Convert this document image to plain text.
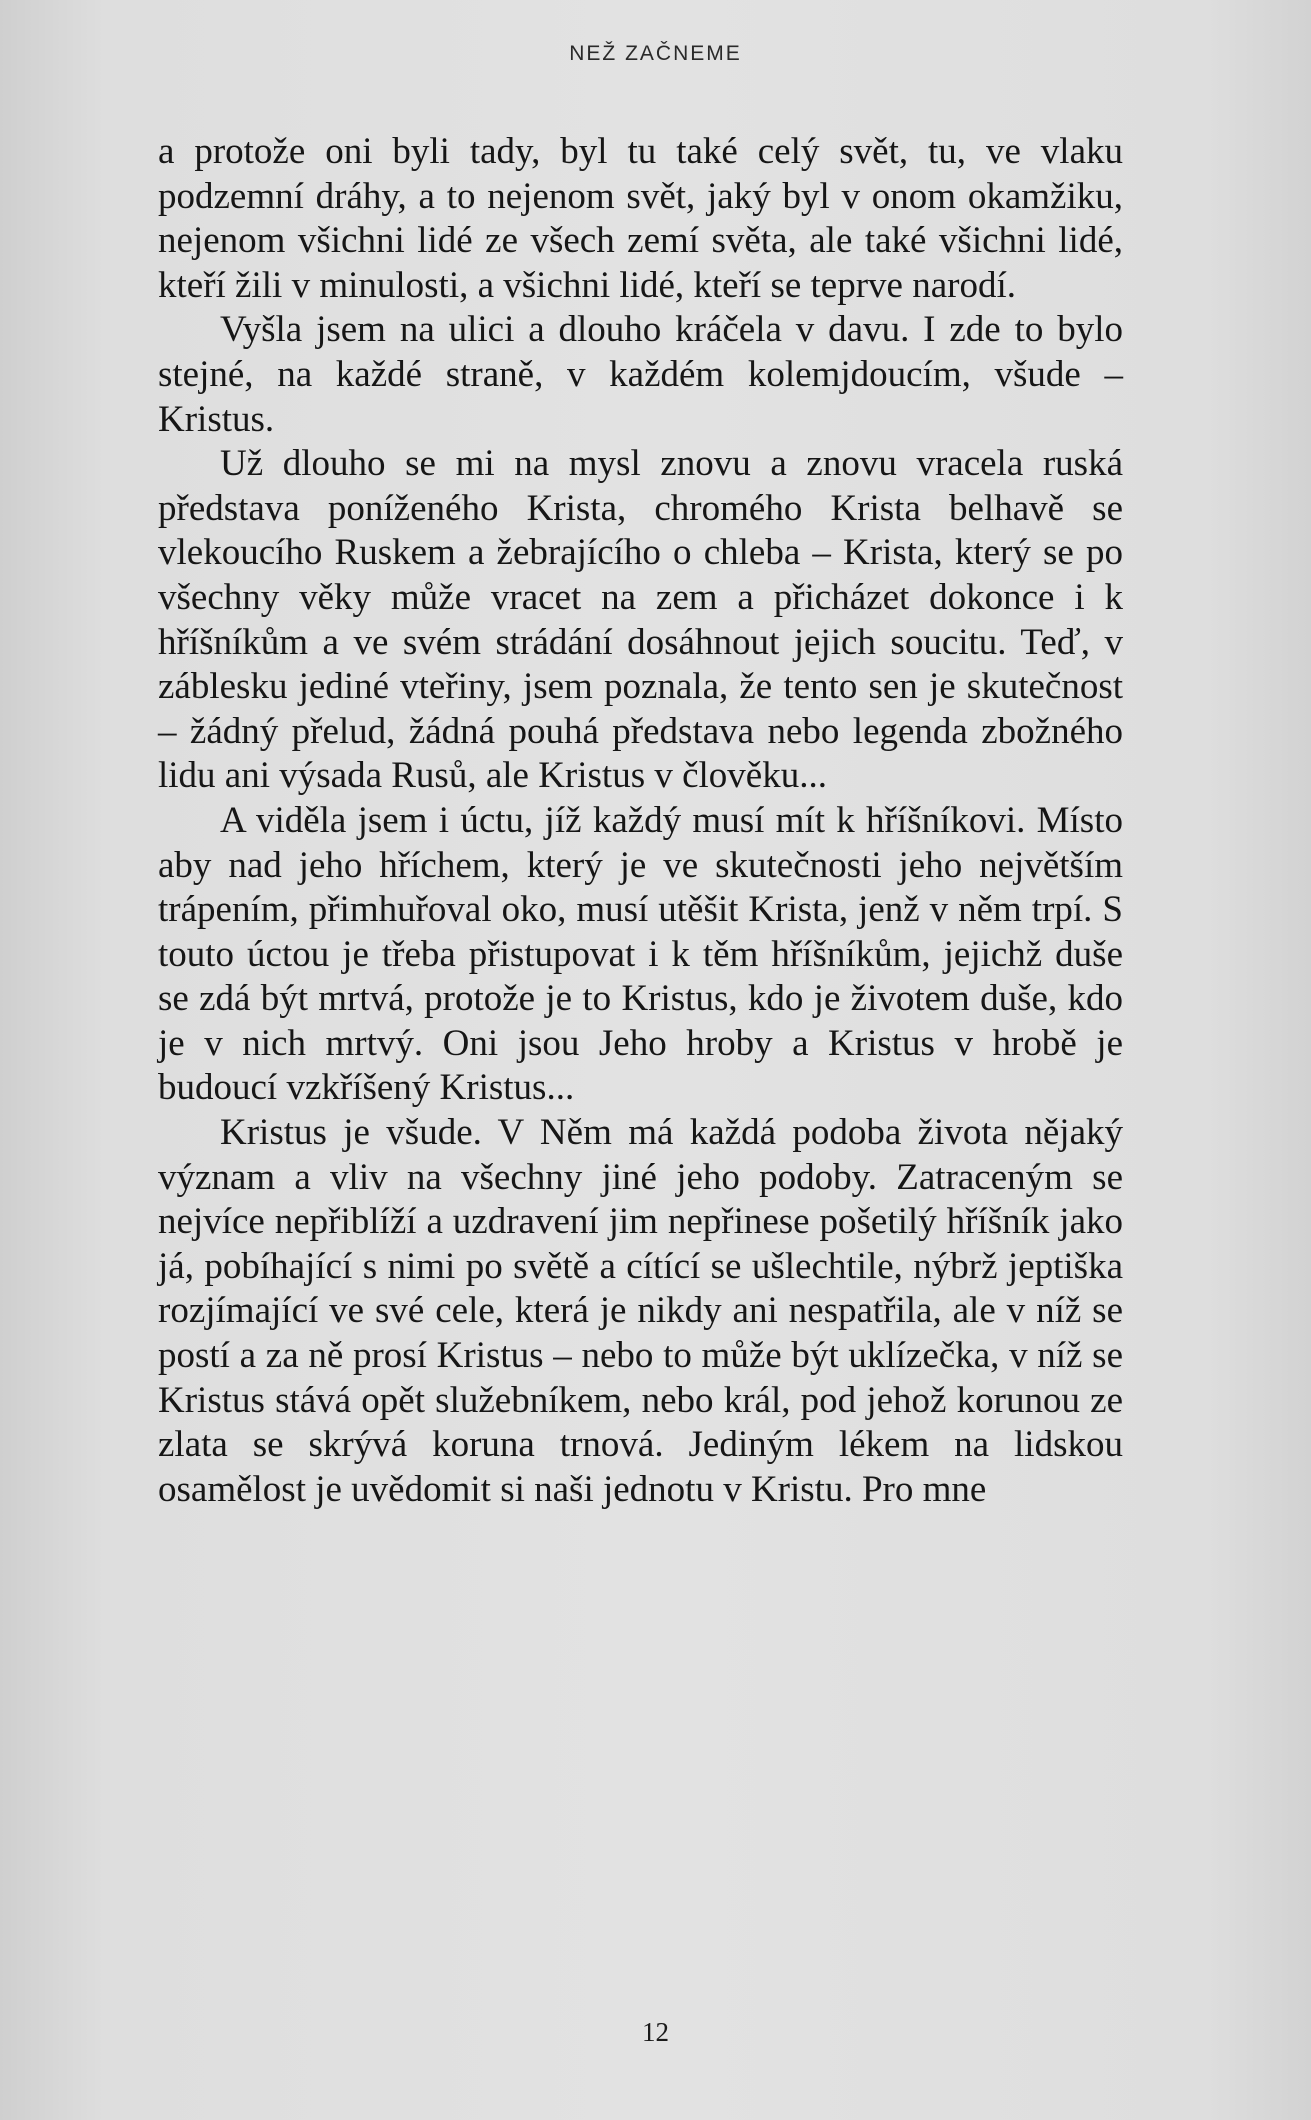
NEŽ ZAČNEME

a protože oni byli tady, byl tu také celý svět, tu, ve vlaku podzemní dráhy, a to nejenom svět, jaký byl v onom okamžiku, nejenom všichni lidé ze všech zemí světa, ale také všichni lidé, kteří žili v minulosti, a všichni lidé, kteří se teprve narodí.

Vyšla jsem na ulici a dlouho kráčela v davu. I zde to bylo stejné, na každé straně, v každém kolemjdoucím, všude – Kristus.

Už dlouho se mi na mysl znovu a znovu vracela ruská představa poníženého Krista, chromého Krista belhavě se vlekoucího Ruskem a žebrajícího o chleba – Krista, který se po všechny věky může vracet na zem a přicházet dokonce i k hříšníkům a ve svém strádání dosáhnout jejich soucitu. Teď, v záblesku jediné vteřiny, jsem poznala, že tento sen je skutečnost – žádný přelud, žádná pouhá představa nebo legenda zbožného lidu ani výsada Rusů, ale Kristus v člověku...

A viděla jsem i úctu, jíž každý musí mít k hříšníkovi. Místo aby nad jeho hříchem, který je ve skutečnosti jeho největším trápením, přimhuřoval oko, musí utěšit Krista, jenž v něm trpí. S touto úctou je třeba přistupovat i k těm hříšníkům, jejichž duše se zdá být mrtvá, protože je to Kristus, kdo je životem duše, kdo je v nich mrtvý. Oni jsou Jeho hroby a Kristus v hrobě je budoucí vzkříšený Kristus...

Kristus je všude. V Něm má každá podoba života nějaký význam a vliv na všechny jiné jeho podoby. Zatraceným se nejvíce nepřiblíží a uzdravení jim nepřinese pošetilý hříšník jako já, pobíhající s nimi po světě a cítící se ušlechtile, nýbrž jeptiška rozjímající ve své cele, která je nikdy ani nespatřila, ale v níž se postí a za ně prosí Kristus – nebo to může být uklízečka, v níž se Kristus stává opět služebníkem, nebo král, pod jehož korunou ze zlata se skrývá koruna trnová. Jediným lékem na lidskou osamělost je uvědomit si naši jednotu v Kristu. Pro mne

12
